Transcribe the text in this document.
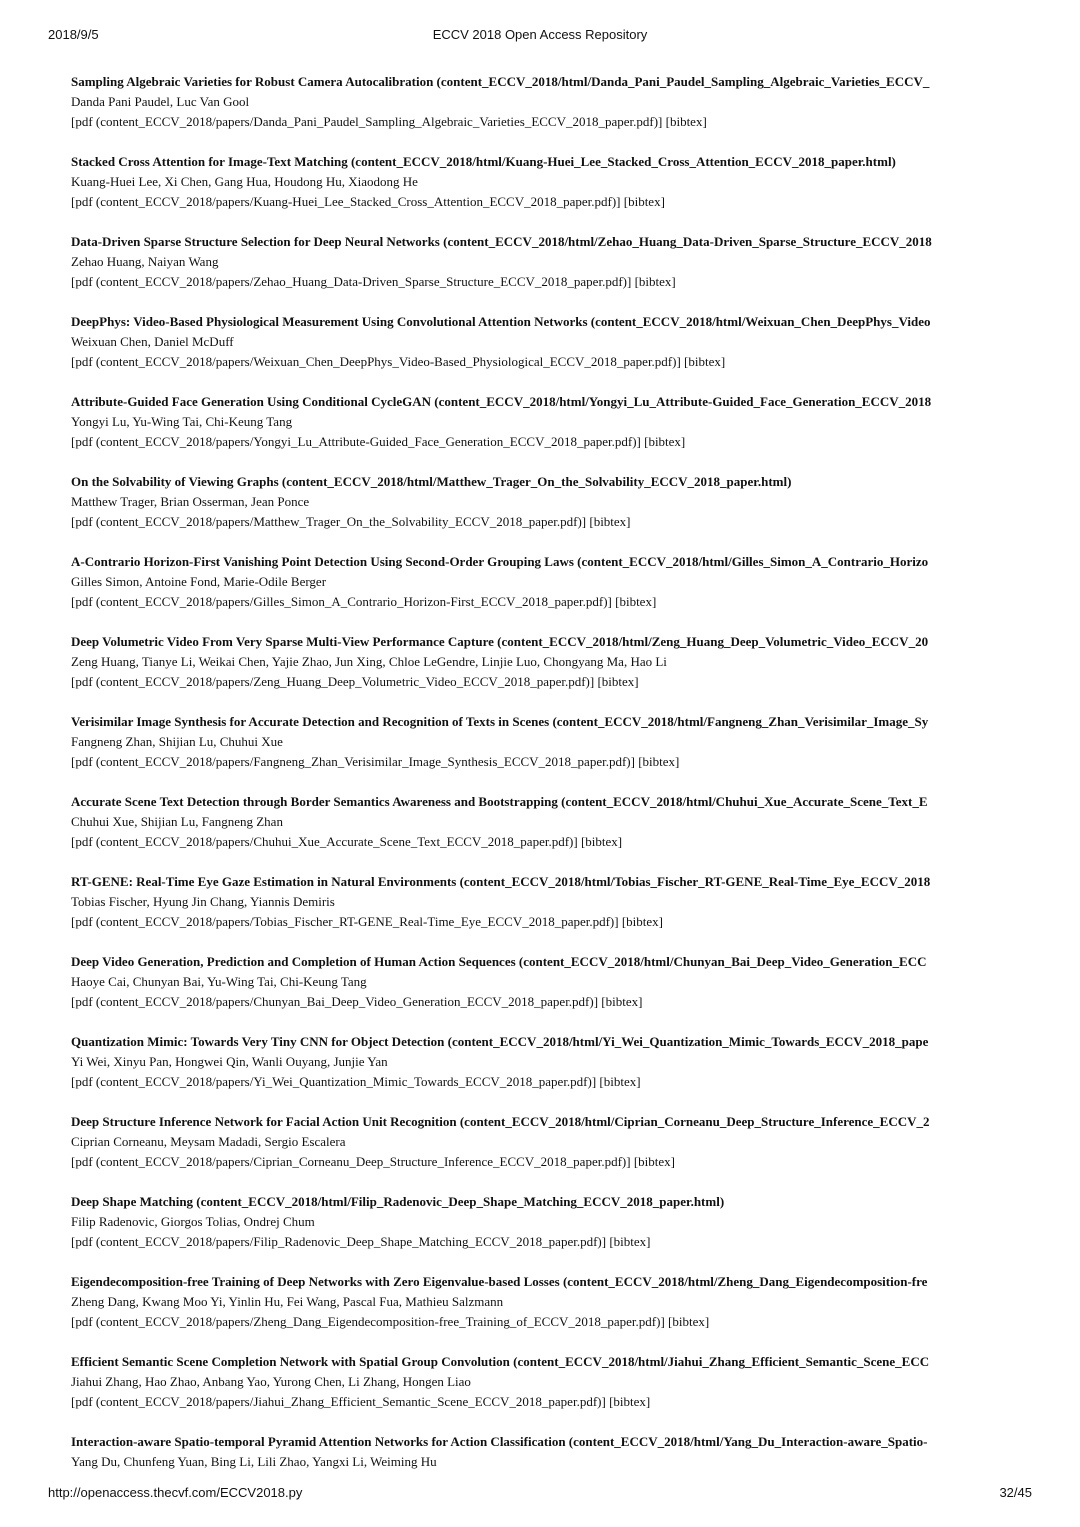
2018/9/5	ECCV 2018 Open Access Repository
Sampling Algebraic Varieties for Robust Camera Autocalibration (content_ECCV_2018/html/Danda_Pani_Paudel_Sampling_Algebraic_Varieties_ECCV_
Danda Pani Paudel, Luc Van Gool
[pdf (content_ECCV_2018/papers/Danda_Pani_Paudel_Sampling_Algebraic_Varieties_ECCV_2018_paper.pdf)] [bibtex]
Stacked Cross Attention for Image-Text Matching (content_ECCV_2018/html/Kuang-Huei_Lee_Stacked_Cross_Attention_ECCV_2018_paper.html)
Kuang-Huei Lee, Xi Chen, Gang Hua, Houdong Hu, Xiaodong He
[pdf (content_ECCV_2018/papers/Kuang-Huei_Lee_Stacked_Cross_Attention_ECCV_2018_paper.pdf)] [bibtex]
Data-Driven Sparse Structure Selection for Deep Neural Networks (content_ECCV_2018/html/Zehao_Huang_Data-Driven_Sparse_Structure_ECCV_2018
Zehao Huang, Naiyan Wang
[pdf (content_ECCV_2018/papers/Zehao_Huang_Data-Driven_Sparse_Structure_ECCV_2018_paper.pdf)] [bibtex]
DeepPhys: Video-Based Physiological Measurement Using Convolutional Attention Networks (content_ECCV_2018/html/Weixuan_Chen_DeepPhys_Video
Weixuan Chen, Daniel McDuff
[pdf (content_ECCV_2018/papers/Weixuan_Chen_DeepPhys_Video-Based_Physiological_ECCV_2018_paper.pdf)] [bibtex]
Attribute-Guided Face Generation Using Conditional CycleGAN (content_ECCV_2018/html/Yongyi_Lu_Attribute-Guided_Face_Generation_ECCV_2018
Yongyi Lu, Yu-Wing Tai, Chi-Keung Tang
[pdf (content_ECCV_2018/papers/Yongyi_Lu_Attribute-Guided_Face_Generation_ECCV_2018_paper.pdf)] [bibtex]
On the Solvability of Viewing Graphs (content_ECCV_2018/html/Matthew_Trager_On_the_Solvability_ECCV_2018_paper.html)
Matthew Trager, Brian Osserman, Jean Ponce
[pdf (content_ECCV_2018/papers/Matthew_Trager_On_the_Solvability_ECCV_2018_paper.pdf)] [bibtex]
A-Contrario Horizon-First Vanishing Point Detection Using Second-Order Grouping Laws (content_ECCV_2018/html/Gilles_Simon_A_Contrario_Horizo
Gilles Simon, Antoine Fond, Marie-Odile Berger
[pdf (content_ECCV_2018/papers/Gilles_Simon_A_Contrario_Horizon-First_ECCV_2018_paper.pdf)] [bibtex]
Deep Volumetric Video From Very Sparse Multi-View Performance Capture (content_ECCV_2018/html/Zeng_Huang_Deep_Volumetric_Video_ECCV_20
Zeng Huang, Tianye Li, Weikai Chen, Yajie Zhao, Jun Xing, Chloe LeGendre, Linjie Luo, Chongyang Ma, Hao Li
[pdf (content_ECCV_2018/papers/Zeng_Huang_Deep_Volumetric_Video_ECCV_2018_paper.pdf)] [bibtex]
Verisimilar Image Synthesis for Accurate Detection and Recognition of Texts in Scenes (content_ECCV_2018/html/Fangneng_Zhan_Verisimilar_Image_Sy
Fangneng Zhan, Shijian Lu, Chuhui Xue
[pdf (content_ECCV_2018/papers/Fangneng_Zhan_Verisimilar_Image_Synthesis_ECCV_2018_paper.pdf)] [bibtex]
Accurate Scene Text Detection through Border Semantics Awareness and Bootstrapping (content_ECCV_2018/html/Chuhui_Xue_Accurate_Scene_Text_E
Chuhui Xue, Shijian Lu, Fangneng Zhan
[pdf (content_ECCV_2018/papers/Chuhui_Xue_Accurate_Scene_Text_ECCV_2018_paper.pdf)] [bibtex]
RT-GENE: Real-Time Eye Gaze Estimation in Natural Environments (content_ECCV_2018/html/Tobias_Fischer_RT-GENE_Real-Time_Eye_ECCV_2018
Tobias Fischer, Hyung Jin Chang, Yiannis Demiris
[pdf (content_ECCV_2018/papers/Tobias_Fischer_RT-GENE_Real-Time_Eye_ECCV_2018_paper.pdf)] [bibtex]
Deep Video Generation, Prediction and Completion of Human Action Sequences (content_ECCV_2018/html/Chunyan_Bai_Deep_Video_Generation_ECC
Haoye Cai, Chunyan Bai, Yu-Wing Tai, Chi-Keung Tang
[pdf (content_ECCV_2018/papers/Chunyan_Bai_Deep_Video_Generation_ECCV_2018_paper.pdf)] [bibtex]
Quantization Mimic: Towards Very Tiny CNN for Object Detection (content_ECCV_2018/html/Yi_Wei_Quantization_Mimic_Towards_ECCV_2018_pape
Yi Wei, Xinyu Pan, Hongwei Qin, Wanli Ouyang, Junjie Yan
[pdf (content_ECCV_2018/papers/Yi_Wei_Quantization_Mimic_Towards_ECCV_2018_paper.pdf)] [bibtex]
Deep Structure Inference Network for Facial Action Unit Recognition (content_ECCV_2018/html/Ciprian_Corneanu_Deep_Structure_Inference_ECCV_2
Ciprian Corneanu, Meysam Madadi, Sergio Escalera
[pdf (content_ECCV_2018/papers/Ciprian_Corneanu_Deep_Structure_Inference_ECCV_2018_paper.pdf)] [bibtex]
Deep Shape Matching (content_ECCV_2018/html/Filip_Radenovic_Deep_Shape_Matching_ECCV_2018_paper.html)
Filip Radenovic, Giorgos Tolias, Ondrej Chum
[pdf (content_ECCV_2018/papers/Filip_Radenovic_Deep_Shape_Matching_ECCV_2018_paper.pdf)] [bibtex]
Eigendecomposition-free Training of Deep Networks with Zero Eigenvalue-based Losses (content_ECCV_2018/html/Zheng_Dang_Eigendecomposition-fre
Zheng Dang, Kwang Moo Yi, Yinlin Hu, Fei Wang, Pascal Fua, Mathieu Salzmann
[pdf (content_ECCV_2018/papers/Zheng_Dang_Eigendecomposition-free_Training_of_ECCV_2018_paper.pdf)] [bibtex]
Efficient Semantic Scene Completion Network with Spatial Group Convolution (content_ECCV_2018/html/Jiahui_Zhang_Efficient_Semantic_Scene_ECC
Jiahui Zhang, Hao Zhao, Anbang Yao, Yurong Chen, Li Zhang, Hongen Liao
[pdf (content_ECCV_2018/papers/Jiahui_Zhang_Efficient_Semantic_Scene_ECCV_2018_paper.pdf)] [bibtex]
Interaction-aware Spatio-temporal Pyramid Attention Networks for Action Classification (content_ECCV_2018/html/Yang_Du_Interaction-aware_Spatio-
Yang Du, Chunfeng Yuan, Bing Li, Lili Zhao, Yangxi Li, Weiming Hu
http://openaccess.thecvf.com/ECCV2018.py	32/45
